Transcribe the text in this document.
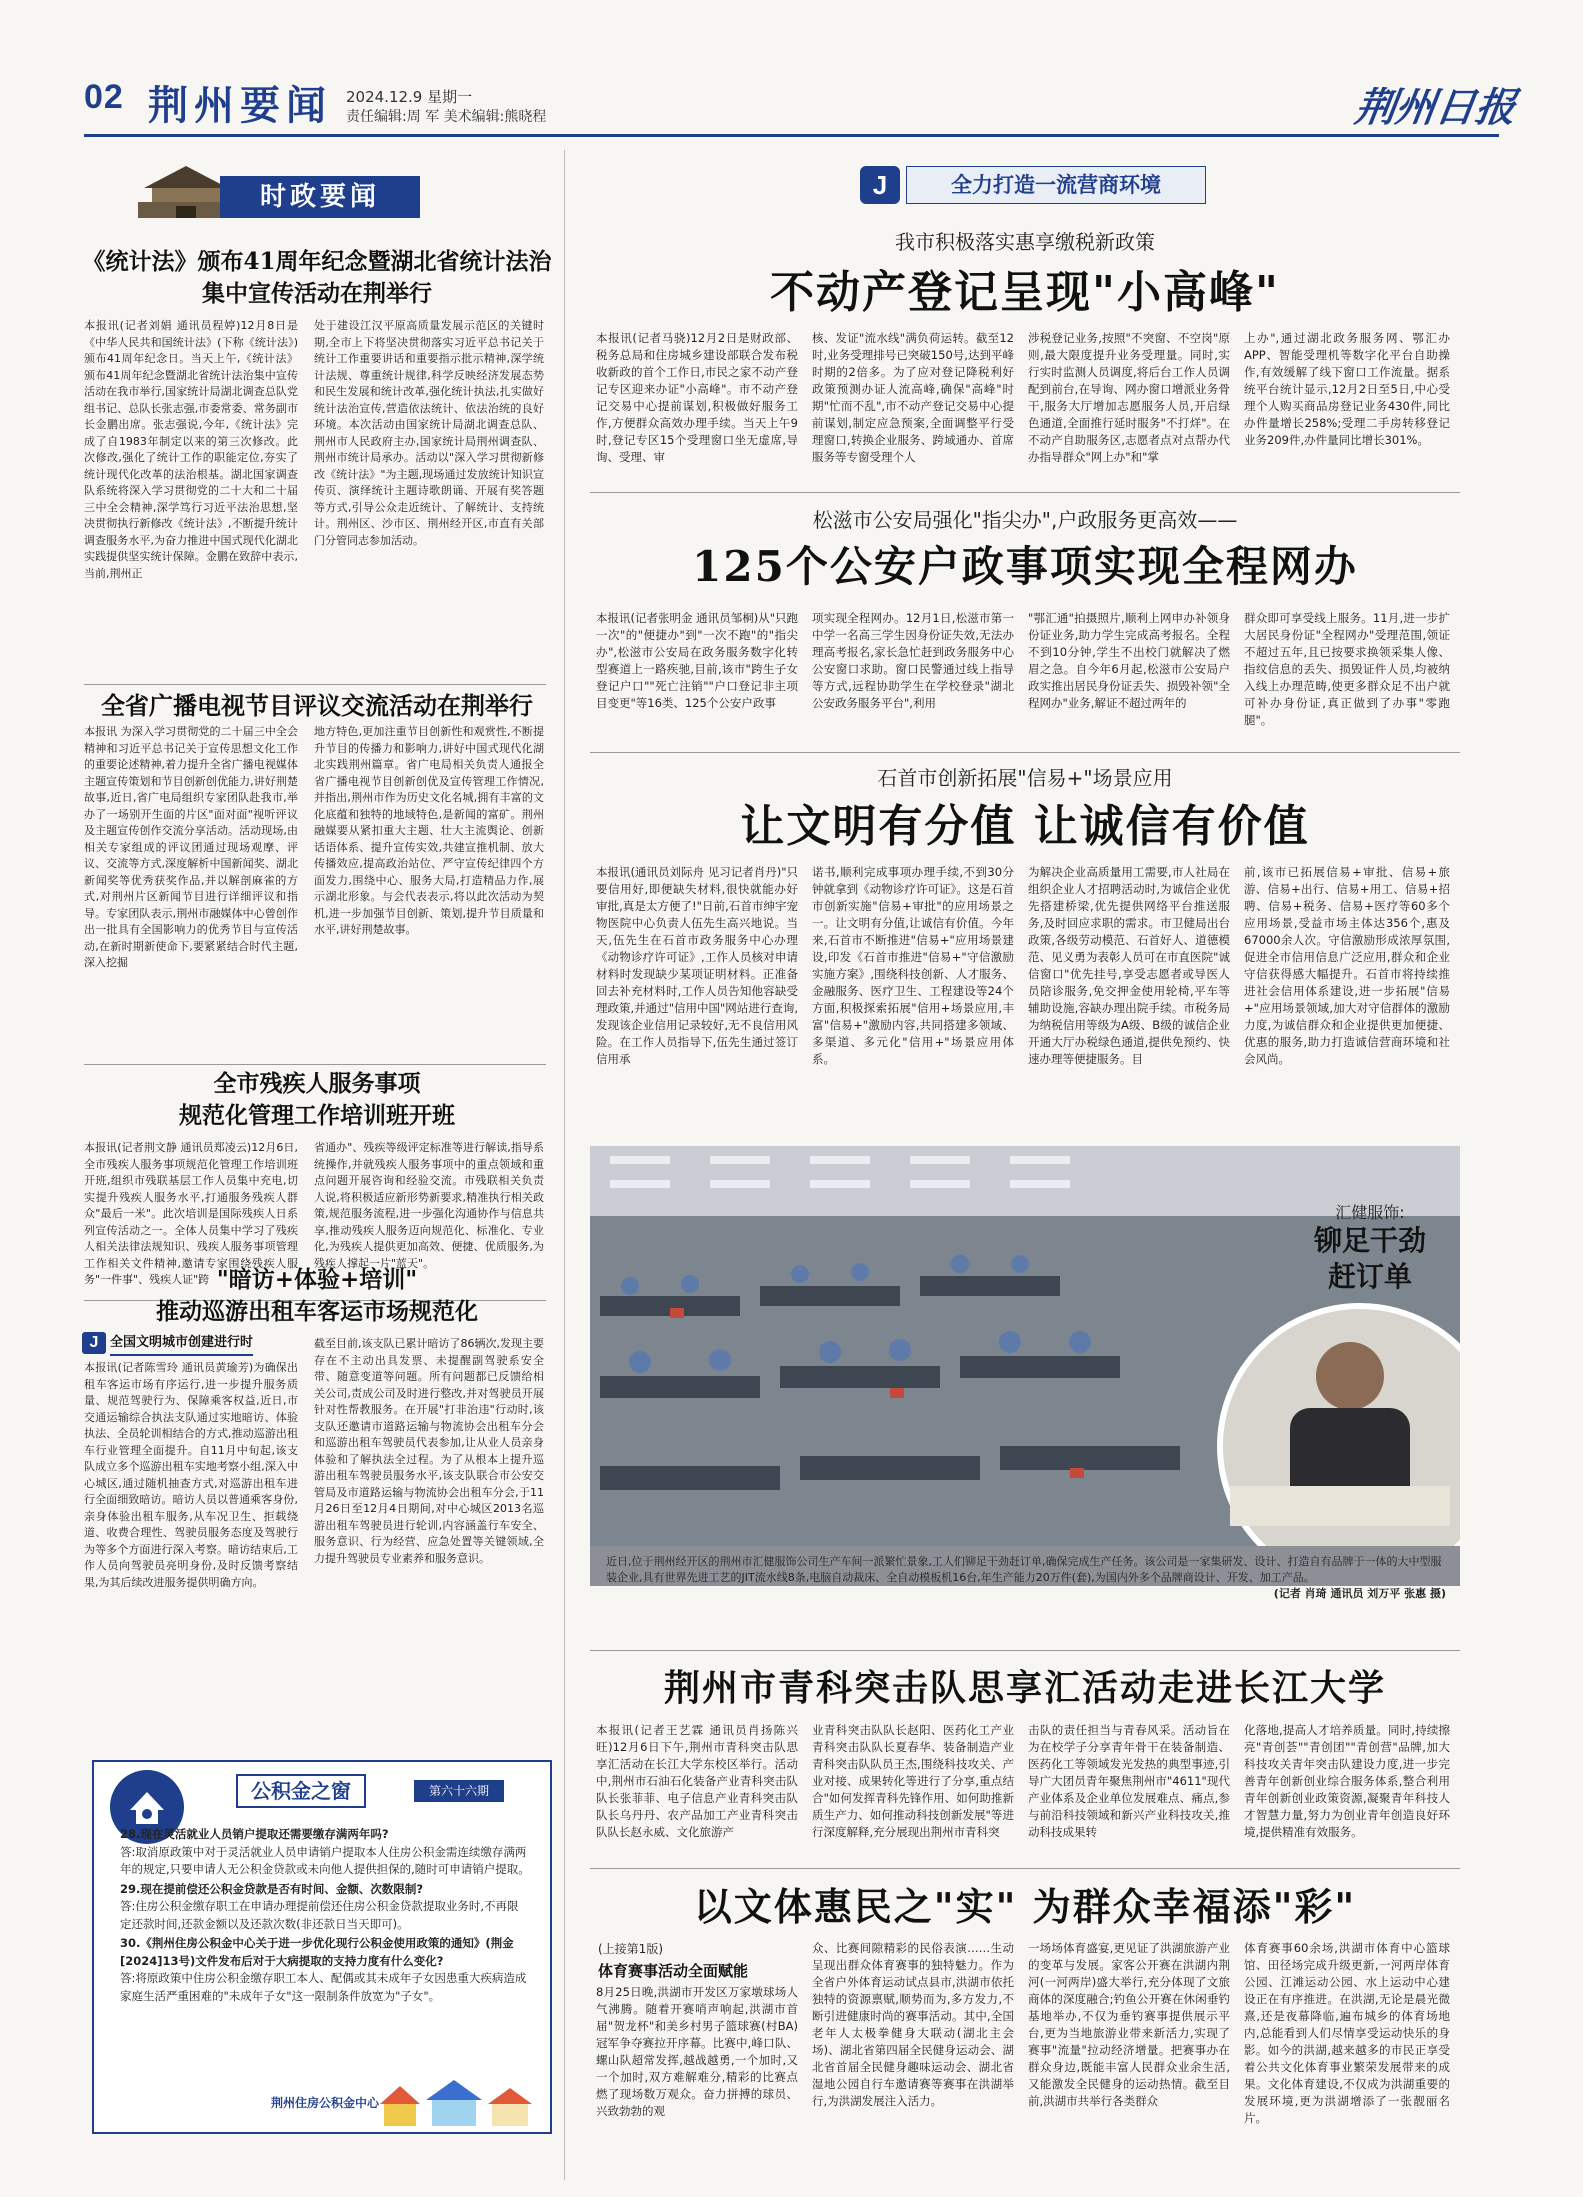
02 荆州要闻 2024.12.9 星期一
责任编辑:周 军 美术编辑:熊晓程	荆州日报
时政要闻
《统计法》颁布41周年纪念暨湖北省统计法治
集中宣传活动在荆举行
本报讯(记者刘娟 通讯员程婷)12月8日是《中华人民共和国统计法》(下称《统计法》)颁布41周年纪念日。当天上午,《统计法》颁布41周年纪念暨湖北省统计法治集中宣传活动在我市举行,国家统计局湖北调查总队党组书记、总队长张志强,市委常委、常务副市长金鹏出席。张志强说,今年,《统计法》完成了自1983年制定以来的第三次修改。此次修改,强化了统计工作的职能定位,夯实了统计现代化改革的法治根基。湖北国家调查队系统将深入学习贯彻党的二十大和二十届三中全会精神,深学笃行习近平法治思想,坚决贯彻执行新修改《统计法》,不断提升统计调查服务水平,为奋力推进中国式现代化湖北实践提供坚实统计保障。金鹏在致辞中表示,当前,荆州正
处于建设江汉平原高质量发展示范区的关键时期,全市上下将坚决贯彻落实习近平总书记关于统计工作重要讲话和重要指示批示精神,深学统计法规、尊重统计规律,科学反映经济发展态势和民生发展和统计改革,强化统计执法,扎实做好统计法治宣传,营造依法统计、依法治统的良好环境。本次活动由国家统计局湖北调查总队、荆州市人民政府主办,国家统计局荆州调查队、荆州市统计局承办。活动以"深入学习贯彻新修改《统计法》"为主题,现场通过发放统计知识宣传页、演绎统计主题诗歌朗诵、开展有奖答题等方式,引导公众走近统计、了解统计、支持统计。荆州区、沙市区、荆州经开区,市直有关部门分管同志参加活动。
全省广播电视节目评议交流活动在荆举行
本报讯 为深入学习贯彻党的二十届三中全会精神和习近平总书记关于宣传思想文化工作的重要论述精神,着力提升全省广播电视媒体主题宣传策划和节目创新创优能力,讲好荆楚故事,近日,省广电局组织专家团队赴我市,举办了一场别开生面的片区"面对面"视听评议及主题宣传创作交流分享活动。活动现场,由相关专家组成的评议团通过现场观摩、评议、交流等方式,深度解析中国新闻奖、湖北新闻奖等优秀获奖作品,并以解剖麻雀的方式,对荆州片区新闻节目进行详细评议和指导。专家团队表示,荆州市融媒体中心曾创作出一批具有全国影响力的优秀节目与宣传活动,在新时期新使命下,要紧紧结合时代主题,深入挖掘
地方特色,更加注重节目创新性和观赏性,不断提升节目的传播力和影响力,讲好中国式现代化湖北实践荆州篇章。省广电局相关负责人通报全省广播电视节目创新创优及宣传管理工作情况,并指出,荆州市作为历史文化名城,拥有丰富的文化底蕴和独特的地域特色,是新闻的富矿。荆州融媒要从紧扣重大主题、壮大主流舆论、创新话语体系、提升宣传实效,共建宣推机制、放大传播效应,提高政治站位、严守宣传纪律四个方面发力,围绕中心、服务大局,打造精品力作,展示湖北形象。与会代表表示,将以此次活动为契机,进一步加强节目创新、策划,提升节目质量和水平,讲好荆楚故事。
全市残疾人服务事项
规范化管理工作培训班开班
本报讯(记者荆文静 通讯员郑凌云)12月6日,全市残疾人服务事项规范化管理工作培训班开班,组织市残联基层工作人员集中充电,切实提升残疾人服务水平,打通服务残疾人群众"最后一米"。此次培训是国际残疾人日系列宣传活动之一。全体人员集中学习了残疾人相关法律法规知识、残疾人服务事项管理工作相关文件精神,邀请专家围绕残疾人服务"一件事"、残疾人证"跨
省通办"、残疾等级评定标准等进行解读,指导系统操作,并就残疾人服务事项中的重点领域和重点问题开展咨询和经验交流。市残联相关负责人说,将积极适应新形势新要求,精准执行相关政策,规范服务流程,进一步强化沟通协作与信息共享,推动残疾人服务迈向规范化、标准化、专业化,为残疾人提供更加高效、便捷、优质服务,为残疾人撑起一片"蓝天"。
"暗访+体验+培训"
推动巡游出租车客运市场规范化
J 全国文明城市创建进行时
本报讯(记者陈雪玲 通讯员黄瑜芳)为确保出租车客运市场有序运行,进一步提升服务质量、规范驾驶行为、保障乘客权益,近日,市交通运输综合执法支队通过实地暗访、体验执法、全员轮训相结合的方式,推动巡游出租车行业管理全面提升。自11月中旬起,该支队成立多个巡游出租车实地考察小组,深入中心城区,通过随机抽查方式,对巡游出租车进行全面细致暗访。暗访人员以普通乘客身份,亲身体验出租车服务,从车况卫生、拒载绕道、收费合理性、驾驶员服务态度及驾驶行为等多个方面进行深入考察。暗访结束后,工作人员向驾驶员亮明身份,及时反馈考察结果,为其后续改进服务提供明确方向。
截至目前,该支队已累计暗访了86辆次,发现主要存在不主动出具发票、未提醒副驾驶系安全带、随意变道等问题。所有问题都已反馈给相关公司,责成公司及时进行整改,并对驾驶员开展针对性帮教服务。在开展"打非治违"行动时,该支队还邀请市道路运输与物流协会出租车分会和巡游出租车驾驶员代表参加,让从业人员亲身体验和了解执法全过程。为了从根本上提升巡游出租车驾驶员服务水平,该支队联合市公安交管局及市道路运输与物流协会出租车分会,于11月26日至12月4日期间,对中心城区2013名巡游出租车驾驶员进行轮训,内容涵盖行车安全、服务意识、行为经营、应急处置等关键领域,全力提升驾驶员专业素养和服务意识。
公积金之窗	第六十六期
28.现在灵活就业人员销户提取还需要缴存满两年吗?
答:取消原政策中对于灵活就业人员申请销户提取本人住房公积金需连续缴存满两年的规定,只要申请人无公积金贷款或未向他人提供担保的,随时可申请销户提取。
29.现在提前偿还公积金贷款是否有时间、金额、次数限制?
答:住房公积金缴存职工在申请办理提前偿还住房公积金贷款提取业务时,不再限定还款时间,还款金额以及还款次数(非还款日当天即可)。
30.《荆州住房公积金中心关于进一步优化现行公积金使用政策的通知》(荆金[2024]13号)文件发布后对于大病提取的支持力度有什么变化?
答:将原政策中住房公积金缴存职工本人、配偶或其未成年子女因患重大疾病造成家庭生活严重困难的"未成年子女"这一限制条件放宽为"子女"。
荆州住房公积金中心
J	全力打造一流营商环境
我市积极落实惠享缴税新政策
不动产登记呈现"小高峰"
本报讯(记者马骁)12月2日是财政部、税务总局和住房城乡建设部联合发布税收新政的首个工作日,市民之家不动产登记专区迎来办证"小高峰"。市不动产登记交易中心提前谋划,积极做好服务工作,方便群众高效办理手续。当天上午9时,登记专区15个受理窗口坐无虚席,导询、受理、审
核、发证"流水线"满负荷运转。截至12时,业务受理排号已突破150号,达到平峰时期的2倍多。为了应对登记降税利好政策预测办证人流高峰,确保"高峰"时期"忙而不乱",市不动产登记交易中心提前谋划,制定应急预案,全面调整平行受理窗口,转换企业服务、跨域通办、首席服务等专窗受理个人
涉税登记业务,按照"不突窗、不空岗"原则,最大限度提升业务受理量。同时,实行实时监测人员调度,将后台工作人员调配到前台,在导询、网办窗口增派业务骨干,服务大厅增加志愿服务人员,开启绿色通道,全面推行延时服务"不打烊"。在不动产自助服务区,志愿者点对点帮办代办指导群众"网上办"和"掌
上办",通过湖北政务服务网、鄂汇办APP、智能受理机等数字化平台自助操作,有效缓解了线下窗口工作流量。据系统平台统计显示,12月2日至5日,中心受理个人购买商品房登记业务430件,同比办件量增长258%;受理二手房转移登记业务209件,办件量同比增长301%。
松滋市公安局强化"指尖办",户政服务更高效——
125个公安户政事项实现全程网办
本报讯(记者张明金 通讯员邹桐)从"只跑一次"的"便捷办"到"一次不跑"的"指尖办",松滋市公安局在政务服务数字化转型赛道上一路疾驰,目前,该市"跨生子女登记户口""死亡注销""户口登记非主项目变更"等16类、125个公安户政事
项实现全程网办。12月1日,松滋市第一中学一名高三学生因身份证失效,无法办理高考报名,家长急忙赶到政务服务中心公安窗口求助。窗口民警通过线上指导等方式,远程协助学生在学校登录"湖北公安政务服务平台",利用
"鄂汇通"拍摄照片,顺利上网申办补领身份证业务,助力学生完成高考报名。全程不到10分钟,学生不出校门就解决了燃眉之急。自今年6月起,松滋市公安局户政实推出居民身份证丢失、损毁补领"全程网办"业务,解证不超过两年的
群众即可享受线上服务。11月,进一步扩大居民身份证"全程网办"受理范围,领证不超过五年,且已按要求换领采集人像、指纹信息的丢失、损毁证件人员,均被纳入线上办理范畴,使更多群众足不出户就可补办身份证,真正做到了办事"零跑腿"。
石首市创新拓展"信易+"场景应用
让文明有分值 让诚信有价值
本报讯(通讯员刘际舟 见习记者肖丹)"只要信用好,即便缺失材料,很快就能办好审批,真是太方便了!"日前,石首市绅宇宠物医院中心负责人伍先生高兴地说。当天,伍先生在石首市政务服务中心办理《动物诊疗许可证》,工作人员核对申请材料时发现缺少某项证明材料。正准备回去补充材料时,工作人员告知他容缺受理政策,并通过"信用中国"网站进行查询,发现该企业信用记录较好,无不良信用风险。在工作人员指导下,伍先生通过签订信用承
诺书,顺利完成事项办理手续,不到30分钟就拿到《动物诊疗许可证》。这是石首市创新实施"信易+审批"的应用场景之一。让文明有分值,让诚信有价值。今年来,石首市不断推进"信易+"应用场景建设,印发《石首市推进"信易+"守信激励实施方案》,围绕科技创新、人才服务、金融服务、医疗卫生、工程建设等24个方面,积极探索拓展"信用+场景应用,丰富"信易+"激励内容,共同搭建多领域、多渠道、多元化"信用+"场景应用体系。
为解决企业高质量用工需要,市人社局在组织企业人才招聘活动时,为诚信企业优先搭建桥梁,优先提供网络平台推送服务,及时回应求职的需求。市卫健局出台政策,各级劳动模范、石首好人、道德模范、见义勇为表彰人员可在市直医院"诚信窗口"优先挂号,享受志愿者或导医人员陪诊服务,免交押金使用轮椅,平车等辅助设施,容缺办理出院手续。市税务局为纳税信用等级为A级、B级的诚信企业开通大厅办税绿色通道,提供免预约、快速办理等便捷服务。目
前,该市已拓展信易+审批、信易+旅游、信易+出行、信易+用工、信易+招聘、信易+税务、信易+医疗等60多个应用场景,受益市场主体达356个,惠及67000余人次。守信激励形成浓厚氛围,促进全市信用信息广泛应用,群众和企业守信获得感大幅提升。石首市将持续推进社会信用体系建设,进一步拓展"信易+"应用场景领域,加大对守信群体的激励力度,为诚信群众和企业提供更加便捷、优惠的服务,助力打造诚信营商环境和社会风尚。
汇健服饰:
铆足干劲
赶订单
近日,位于荆州经开区的荆州市汇健服饰公司生产车间一派繁忙景象,工人们铆足干劲赶订单,确保完成生产任务。该公司是一家集研发、设计、打造自有品牌于一体的大中型服装企业,具有世界先进工艺的JIT流水线8条,电脑自动裁床、全自动模板机16台,年生产能力20万件(套),为国内外多个品牌商设计、开发、加工产品。
(记者 肖琦 通讯员 刘万平 张惠 摄)
荆州市青科突击队思享汇活动走进长江大学
本报讯(记者王艺霖 通讯员肖扬陈兴旺)12月6日下午,荆州市青科突击队思享汇活动在长江大学东校区举行。活动中,荆州市石油石化装备产业青科突击队队长张菲菲、电子信息产业青科突击队队长乌丹丹、农产品加工产业青科突击队队长赵永威、文化旅游产
业青科突击队队长赵阳、医药化工产业青科突击队队长夏春华、装备制造产业青科突击队队员王杰,围绕科技攻关、产业对接、成果转化等进行了分享,重点结合"如何发挥青科先锋作用、如何助推新质生产力、如何推动科技创新发展"等进行深度解释,充分展现出荆州市青科突
击队的责任担当与青春风采。活动旨在为在校学子分享青年骨干在装备制造、医药化工等领域发光发热的典型事迹,引导广大团员青年聚焦荆州市"4611"现代产业体系及企业单位发展难点、痛点,参与前沿科技领域和新兴产业科技攻关,推动科技成果转
化落地,提高人才培养质量。同时,持续擦亮"青创荟""青创团""青创营"品牌,加大科技攻关青年突击队建设力度,进一步完善青年创新创业综合服务体系,整合利用青年创新创业政策资源,凝聚青年科技人才智慧力量,努力为创业青年创造良好环境,提供精准有效服务。
以文体惠民之"实" 为群众幸福添"彩"
(上接第1版)
体育赛事活动全面赋能
8月25日晚,洪湖市开发区万家墩球场人气沸腾。随着开赛哨声响起,洪湖市首届"贺龙杯"和美乡村男子篮球赛(村BA)冠军争夺赛拉开序幕。比赛中,峰口队、螺山队超常发挥,越战越勇,一个加时,又一个加时,双方难解难分,精彩的比赛点燃了现场数万观众。奋力拼搏的球员、兴致勃勃的观
众、比赛间隙精彩的民俗表演……生动呈现出群众体育赛事的独特魅力。作为全省户外体育运动试点县市,洪湖市依托独特的资源禀赋,顺势而为,多方发力,不断引进健康时尚的赛事活动。其中,全国老年人太极拳健身大联动(湖北主会场)、湖北省第四届全民健身运动会、湖北省首届全民健身趣味运动会、湖北省湿地公园自行车邀请赛等赛事在洪湖举行,为洪湖发展注入活力。
一场场体育盛宴,更见证了洪湖旅游产业的变革与发展。家客公开赛在洪湖内荆河(一河两岸)盛大举行,充分体现了文旅商体的深度融合;钓鱼公开赛在休闲垂钓基地举办,不仅为垂钓赛事提供展示平台,更为当地旅游业带来新活力,实现了赛事"流量"拉动经济增量。把赛事办在群众身边,既能丰富人民群众业余生活,又能激发全民健身的运动热情。截至目前,洪湖市共举行各类群众
体育赛事60余场,洪湖市体育中心篮球馆、田径场完成升级更新,一河两岸体育公园、江滩运动公园、水上运动中心建设正在有序推进。在洪湖,无论是晨光微熹,还是夜幕降临,遍布城乡的体育场地内,总能看到人们尽情享受运动快乐的身影。如今的洪湖,越来越多的市民正享受着公共文化体育事业繁荣发展带来的成果。文化体育建设,不仅成为洪湖重要的发展环境,更为洪湖增添了一张靓丽名片。
